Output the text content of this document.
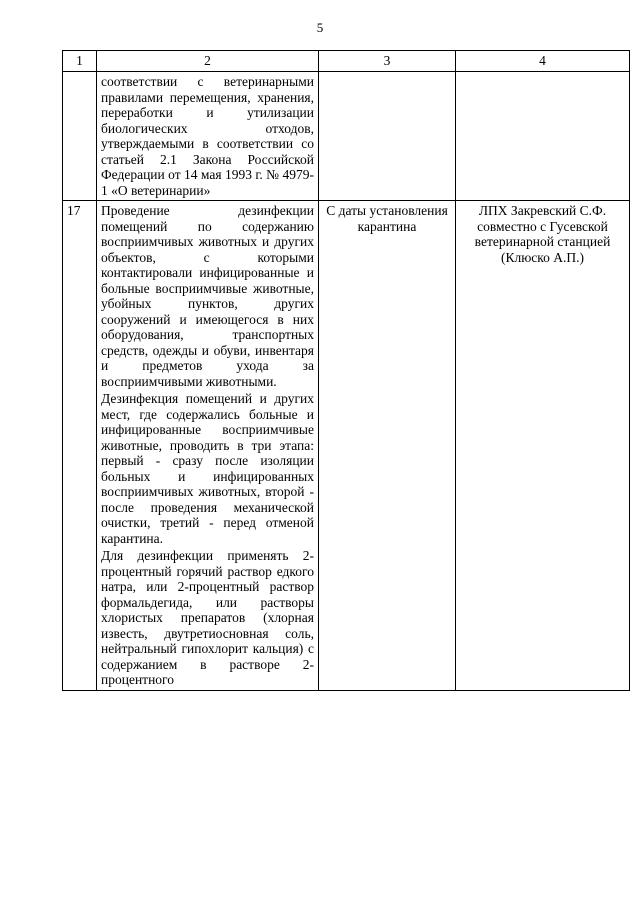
5
1	2	3	4

	соответствии с ветеринарными правилами перемещения, хранения, переработки и утилизации биологических отходов, утверждаемыми в соответствии со статьей 2.1 Закона Российской Федерации от 14 мая 1993 г. № 4979-1 «О ветеринарии»		

17	Проведение дезинфекции помещений по содержанию восприимчивых животных и других объектов, с которыми контактировали инфицированные и больные восприимчивые животные, убойных пунктов, других сооружений и имеющегося в них оборудования, транспортных средств, одежды и обуви, инвентаря и предметов ухода за восприимчивыми животными.
Дезинфекция помещений и других мест, где содержались больные и инфицированные восприимчивые животные, проводить в три этапа: первый - сразу после изоляции больных и инфицированных восприимчивых животных, второй - после проведения механической очистки, третий - перед отменой карантина.
Для дезинфекции применять 2-процентный горячий раствор едкого натра, или 2-процентный раствор формальдегида, или растворы хлористых препаратов (хлорная известь, двутретиосновная соль, нейтральный гипохлорит кальция) с содержанием в растворе 2-процентного	С даты установления карантина	ЛПХ Закревский С.Ф. совместно с Гусевской ветеринарной станцией (Клюско А.П.)
